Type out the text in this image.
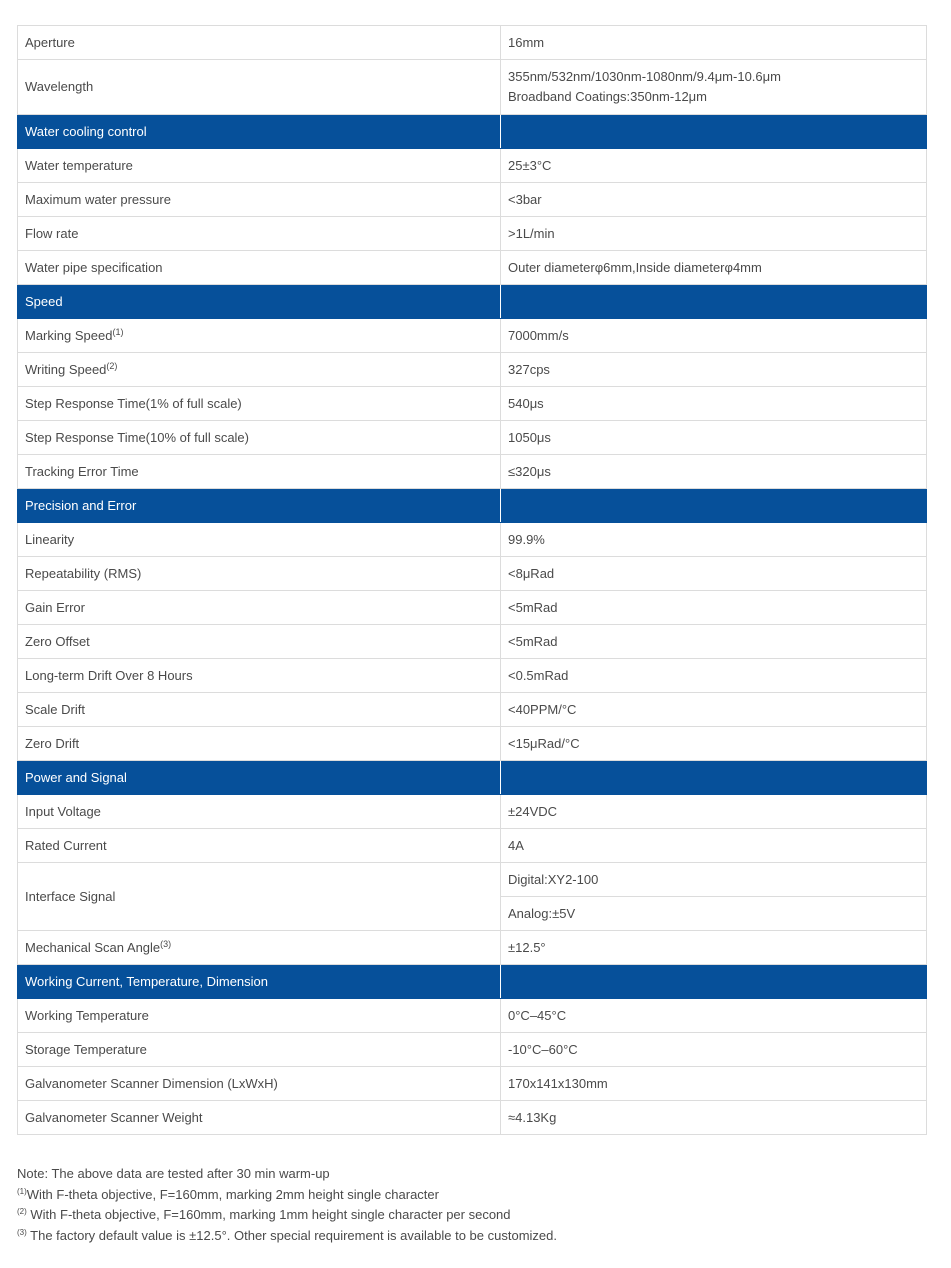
Aperture	16mm
Wavelength	355nm/532nm/1030nm-1080nm/9.4μm-10.6μm
Broadband Coatings:350nm-12μm

Water cooling control	
Water temperature	25±3°C
Maximum water pressure	<3bar
Flow rate	>1L/min
Water pipe specification	Outer diameterφ6mm,Inside diameterφ4mm
Speed	
Marking Speed$^{(1)}$	7000mm/s
Writing Speed$^{(2)}$	327cps
Step Response Time(1% of full scale)	540μs
Step Response Time(10% of full scale)	1050μs
Tracking Error Time	≤320μs
Precision and Error	
Linearity	99.9%
Repeatability (RMS)	<8μRad
Gain Error	<5mRad
Zero Offset	<5mRad
Long-term Drift Over 8 Hours	<0.5mRad
Scale Drift	<40PPM/°C
Zero Drift	<15μRad/°C
Power and Signal	
Input Voltage	±24VDC
Rated Current	4A
Interface Signal	Digital:XY2-100
	Analog:±5V
Mechanical Scan Angle$^{(3)}$	±12.5°
Working Current, Temperature, Dimension	
Working Temperature	0°C–45°C
Storage Temperature	-10°C–60°C
Galvanometer Scanner Dimension (LxWxH)	170x141x130mm
Galvanometer Scanner Weight	≈4.13Kg
Note: The above data are tested after 30 min warm-up
$^{(1)}$With F-theta objective, F=160mm, marking 2mm height single character
$^{(2)}$ With F-theta objective, F=160mm, marking 1mm height single character per second
$^{(3)}$ The factory default value is ±12.5°. Other special requirement is available to be customized.
